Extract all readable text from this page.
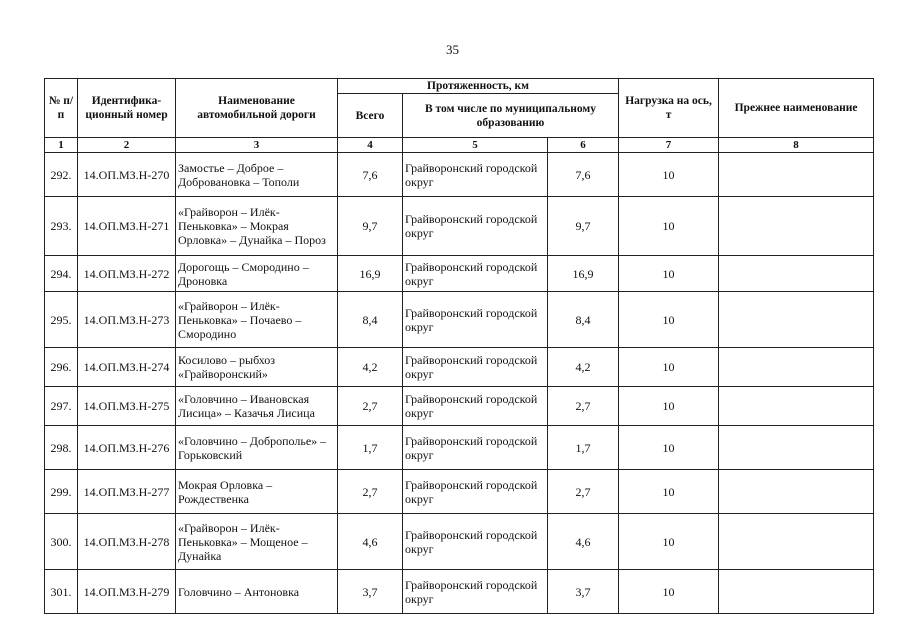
35
№ п/п	Идентифика-ционный номер	Наименование автомобильной дороги	Протяженность, км			Нагрузка на ось, т	Прежнее наименование
			Всего	В том числе по муниципальному образованию			
1	2	3	4	5	6	7	8
292.	14.ОП.МЗ.Н-270	Замостье – Доброе – Добровановка – Тополи	7,6	Грайворонский городской округ	7,6	10	
293.	14.ОП.МЗ.Н-271	«Грайворон – Илёк-Пеньковка» – Мокрая Орловка» – Дунайка – Пороз	9,7	Грайворонский городской округ	9,7	10	
294.	14.ОП.МЗ.Н-272	Дорогощь – Смородино – Дроновка	16,9	Грайворонский городской округ	16,9	10	
295.	14.ОП.МЗ.Н-273	«Грайворон – Илёк-Пеньковка» – Почаево – Смородино	8,4	Грайворонский городской округ	8,4	10	
296.	14.ОП.МЗ.Н-274	Косилово – рыбхоз «Грайворонский»	4,2	Грайворонский городской округ	4,2	10	
297.	14.ОП.МЗ.Н-275	«Головчино – Ивановская Лисица» – Казачья Лисица	2,7	Грайворонский городской округ	2,7	10	
298.	14.ОП.МЗ.Н-276	«Головчино – Доброполье» – Горьковский	1,7	Грайворонский городской округ	1,7	10	
299.	14.ОП.МЗ.Н-277	Мокрая Орловка – Рождественка	2,7	Грайворонский городской округ	2,7	10	
300.	14.ОП.МЗ.Н-278	«Грайворон – Илёк-Пеньковка» – Мощеное – Дунайка	4,6	Грайворонский городской округ	4,6	10	
301.	14.ОП.МЗ.Н-279	Головчино – Антоновка	3,7	Грайворонский городской округ	3,7	10	
